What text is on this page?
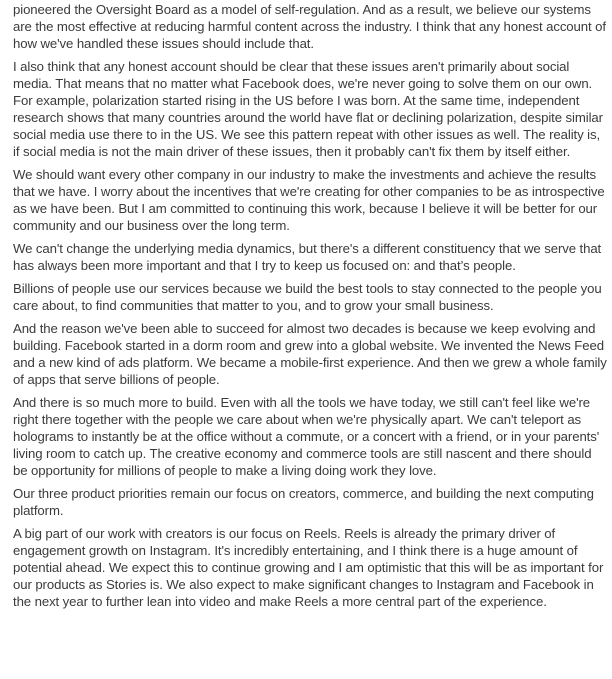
pioneered the Oversight Board as a model of self-regulation. And as a result, we believe our systems are the most effective at reducing harmful content across the industry. I think that any honest account of how we've handled these issues should include that.

I also think that any honest account should be clear that these issues aren't primarily about social media. That means that no matter what Facebook does, we're never going to solve them on our own. For example, polarization started rising in the US before I was born. At the same time, independent research shows that many countries around the world have flat or declining polarization, despite similar social media use there to in the US. We see this pattern repeat with other issues as well. The reality is, if social media is not the main driver of these issues, then it probably can't fix them by itself either.

We should want every other company in our industry to make the investments and achieve the results that we have. I worry about the incentives that we're creating for other companies to be as introspective as we have been. But I am committed to continuing this work, because I believe it will be better for our community and our business over the long term.

We can't change the underlying media dynamics, but there's a different constituency that we serve that has always been more important and that I try to keep us focused on: and that’s people.

Billions of people use our services because we build the best tools to stay connected to the people you care about, to find communities that matter to you, and to grow your small business.

And the reason we've been able to succeed for almost two decades is because we keep evolving and building. Facebook started in a dorm room and grew into a global website. We invented the News Feed and a new kind of ads platform. We became a mobile-first experience. And then we grew a whole family of apps that serve billions of people.

And there is so much more to build. Even with all the tools we have today, we still can't feel like we're right there together with the people we care about when we're physically apart. We can't teleport as holograms to instantly be at the office without a commute, or a concert with a friend, or in your parents' living room to catch up. The creative economy and commerce tools are still nascent and there should be opportunity for millions of people to make a living doing work they love.

Our three product priorities remain our focus on creators, commerce, and building the next computing platform.

A big part of our work with creators is our focus on Reels. Reels is already the primary driver of engagement growth on Instagram. It's incredibly entertaining, and I think there is a huge amount of potential ahead. We expect this to continue growing and I am optimistic that this will be as important for our products as Stories is. We also expect to make significant changes to Instagram and Facebook in the next year to further lean into video and make Reels a more central part of the experience.
